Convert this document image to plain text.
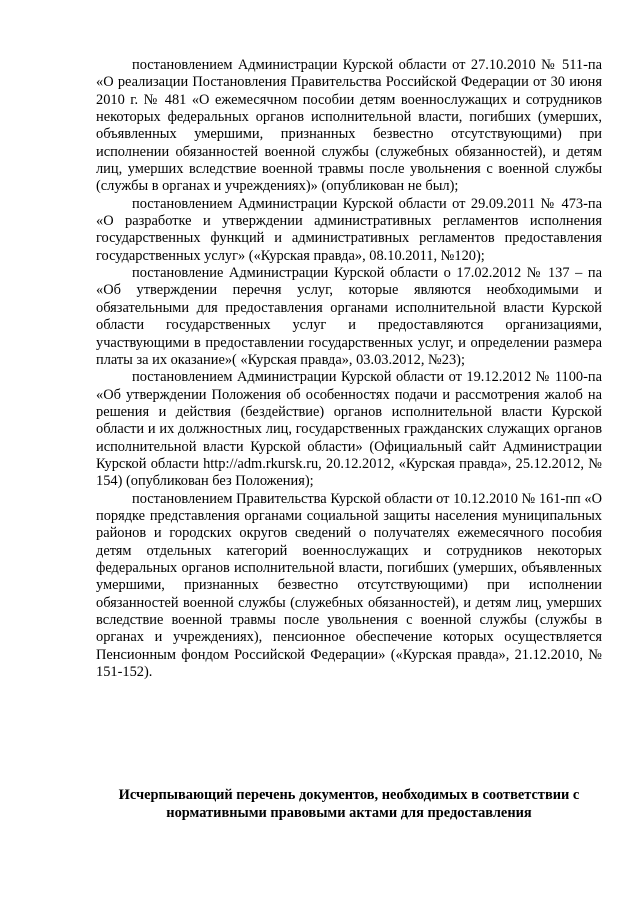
постановлением Администрации Курской области от 27.10.2010 № 511-па «О реализации Постановления Правительства Российской Федерации от 30 июня 2010 г. № 481 «О ежемесячном пособии детям военнослужащих и сотрудников некоторых федеральных органов исполнительной власти, погибших (умерших, объявленных умершими, признанных безвестно отсутствующими) при исполнении обязанностей военной службы (служебных обязанностей), и детям лиц, умерших вследствие военной травмы после увольнения с военной службы (службы в органах и учреждениях)» (опубликован не был);

постановлением Администрации Курской области от 29.09.2011 № 473-па «О разработке и утверждении административных регламентов исполнения государственных функций и административных регламентов предоставления государственных услуг» («Курская правда», 08.10.2011, №120);

постановление Администрации Курской области о 17.02.2012 № 137 – па «Об утверждении перечня услуг, которые являются необходимыми и обязательными для предоставления органами исполнительной власти Курской области государственных услуг и предоставляются организациями, участвующими в предоставлении государственных услуг, и определении размера платы за их оказание»( «Курская правда», 03.03.2012, №23);

постановлением Администрации Курской области от 19.12.2012 № 1100-па «Об утверждении Положения об особенностях подачи и рассмотрения жалоб на решения и действия (бездействие) органов исполнительной власти Курской области и их должностных лиц, государственных гражданских служащих органов исполнительной власти Курской области» (Официальный сайт Администрации Курской области http://adm.rkursk.ru, 20.12.2012, «Курская правда», 25.12.2012, № 154) (опубликован без Положения);

постановлением Правительства Курской области от 10.12.2010 № 161-пп «О порядке представления органами социальной защиты населения муниципальных районов и городских округов сведений о получателях ежемесячного пособия детям отдельных категорий военнослужащих и сотрудников некоторых федеральных органов исполнительной власти, погибших (умерших, объявленных умершими, признанных безвестно отсутствующими) при исполнении обязанностей военной службы (служебных обязанностей), и детям лиц, умерших вследствие военной травмы после увольнения с военной службы (службы в органах и учреждениях), пенсионное обеспечение которых осуществляется Пенсионным фондом Российской Федерации» («Курская правда», 21.12.2010, № 151-152).

Исчерпывающий перечень документов, необходимых в соответствии с нормативными правовыми актами для предоставления
